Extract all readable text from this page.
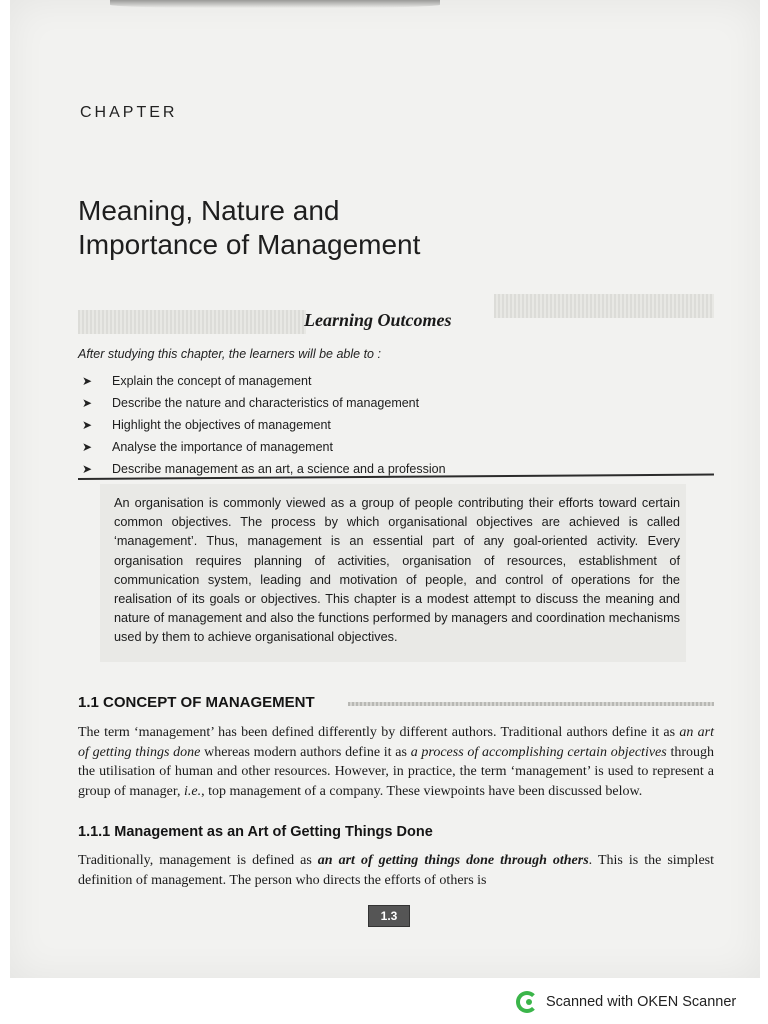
CHAPTER
Meaning, Nature and
Importance of Management
Learning Outcomes
After studying this chapter, the learners will be able to :
➤	Explain the concept of management
➤	Describe the nature and characteristics of management
➤	Highlight the objectives of management
➤	Analyse the importance of management
➤	Describe management as an art, a science and a profession

An organisation is commonly viewed as a group of people contributing their efforts toward certain common objectives. The process by which organisational objectives are achieved is called ‘management’. Thus, management is an essential part of any goal-oriented activity. Every organisation requires planning of activities, organisation of resources, establishment of communication system, leading and motivation of people, and control of operations for the realisation of its goals or objectives. This chapter is a modest attempt to discuss the meaning and nature of management and also the functions performed by managers and coordination mechanisms used by them to achieve organisational objectives.

1.1 CONCEPT OF MANAGEMENT

The term ‘management’ has been defined differently by different authors. Traditional authors define it as an art of getting things done whereas modern authors define it as a process of accomplishing certain objectives through the utilisation of human and other resources. However, in practice, the term ‘management’ is used to represent a group of manager, i.e., top management of a company. These viewpoints have been discussed below.

1.1.1 Management as an Art of Getting Things Done

Traditionally, management is defined as an art of getting things done through others. This is the simplest definition of management. The person who directs the efforts of others is

1.3
Scanned with OKEN Scanner
